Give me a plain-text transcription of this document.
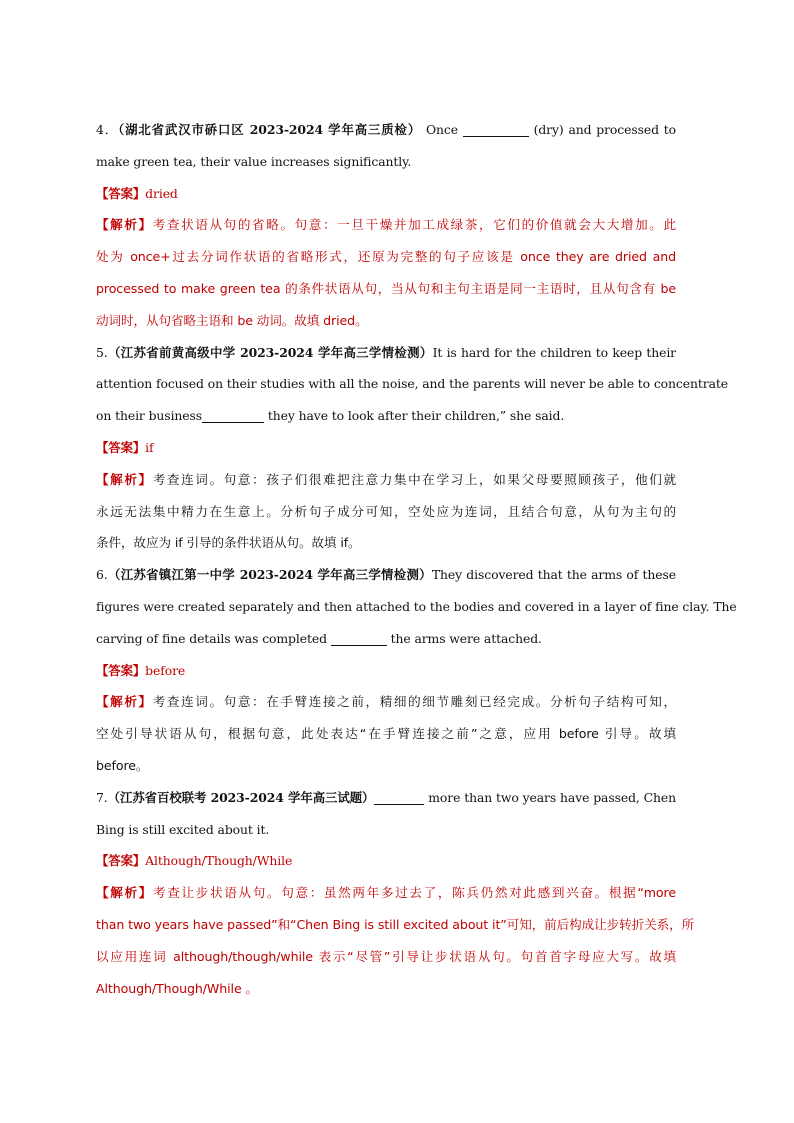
4．（湖北省武汉市硚口区 2023-2024 学年高三质检） Once	(dry) and processed to
make green tea, their value increases significantly.
【答案】dried
【解析】考查状语从句的省略。句意：一旦干燥并加工成绿茶，它们的价值就会大大增加。此
处为 once+过去分词作状语的省略形式，还原为完整的句子应该是 once they are dried and
processed to make green tea 的条件状语从句，当从句和主句主语是同一主语时，且从句含有 be
动词时，从句省略主语和 be 动词。故填 dried。
5.（江苏省前黄高级中学 2023-2024 学年高三学情检测）It is hard for the children to keep their
attention focused on their studies with all the noise, and the parents will never be able to concentrate
on their business	they have to look after their children,” she said.
【答案】if
【解析】考查连词。句意：孩子们很难把注意力集中在学习上，如果父母要照顾孩子，他们就
永远无法集中精力在生意上。分析句子成分可知，空处应为连词，且结合句意，从句为主句的
条件，故应为 if 引导的条件状语从句。故填 if。
6.（江苏省镇江第一中学 2023-2024 学年高三学情检测）They discovered that the arms of these
figures were created separately and then attached to the bodies and covered in a layer of fine clay. The
carving of fine details was completed	the arms were attached.
【答案】before
【解析】考查连词。句意：在手臂连接之前，精细的细节雕刻已经完成。分析句子结构可知，
空处引导状语从句，根据句意，此处表达“在手臂连接之前”之意，应用 before 引导。故填
before。
7.（江苏省百校联考 2023-2024 学年高三试题）	more than two years have passed, Chen
Bing is still excited about it.
【答案】Although/Though/While
【解析】考查让步状语从句。句意：虽然两年多过去了，陈兵仍然对此感到兴奋。根据“more
than two years have passed”和“Chen Bing is still excited about it”可知，前后构成让步转折关系，所
以应用连词 although/though/while 表示“尽管”引导让步状语从句。句首首字母应大写。故填
Although/Though/While 。
